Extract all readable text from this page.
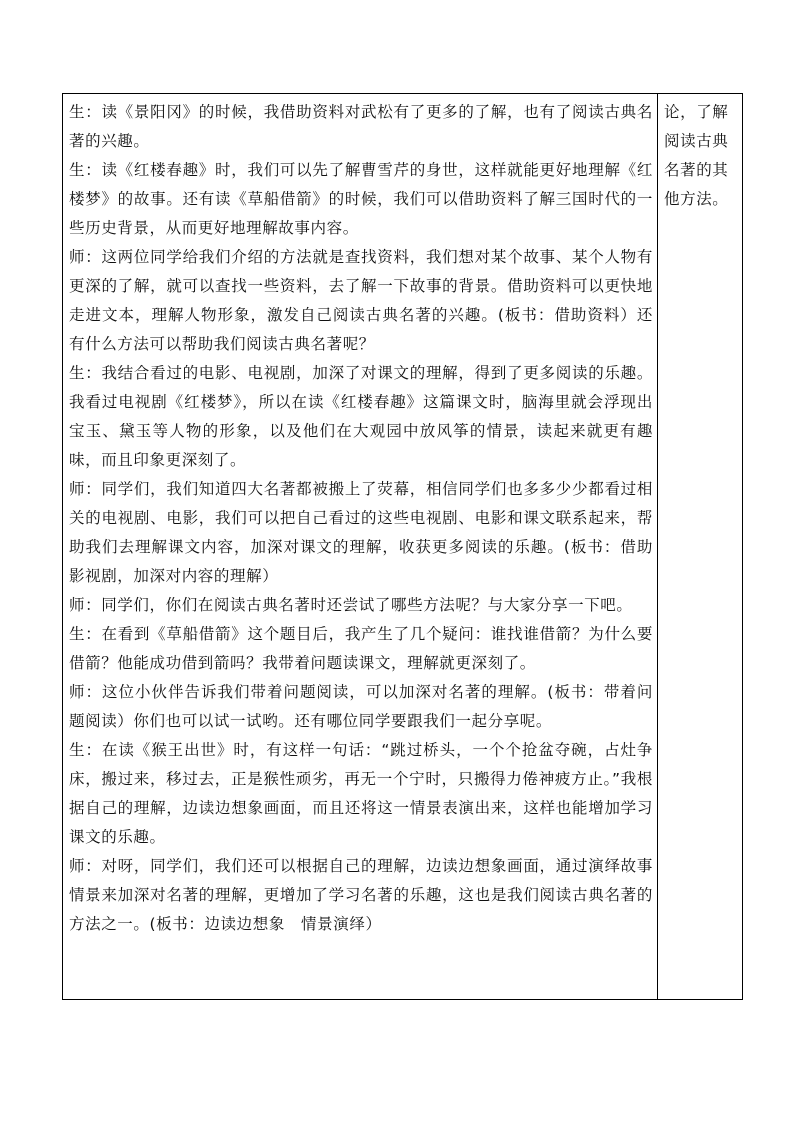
生：读《景阳冈》的时候，我借助资料对武松有了更多的了解，也有了阅读古典名著的兴趣。

生：读《红楼春趣》时，我们可以先了解曹雪芹的身世，这样就能更好地理解《红楼梦》的故事。还有读《草船借箭》的时候，我们可以借助资料了解三国时代的一些历史背景，从而更好地理解故事内容。

师：这两位同学给我们介绍的方法就是查找资料，我们想对某个故事、某个人物有更深的了解，就可以查找一些资料，去了解一下故事的背景。借助资料可以更快地走进文本，理解人物形象，激发自己阅读古典名著的兴趣。(板书：借助资料）还有什么方法可以帮助我们阅读古典名著呢？

生：我结合看过的电影、电视剧，加深了对课文的理解，得到了更多阅读的乐趣。我看过电视剧《红楼梦》，所以在读《红楼春趣》这篇课文时，脑海里就会浮现出宝玉、黛玉等人物的形象，以及他们在大观园中放风筝的情景，读起来就更有趣味，而且印象更深刻了。

师：同学们，我们知道四大名著都被搬上了荧幕，相信同学们也多多少少都看过相关的电视剧、电影，我们可以把自己看过的这些电视剧、电影和课文联系起来，帮助我们去理解课文内容，加深对课文的理解，收获更多阅读的乐趣。(板书：借助影视剧，加深对内容的理解）

师：同学们，你们在阅读古典名著时还尝试了哪些方法呢？与大家分享一下吧。

生：在看到《草船借箭》这个题目后，我产生了几个疑问：谁找谁借箭？为什么要借箭？他能成功借到箭吗？我带着问题读课文，理解就更深刻了。

师：这位小伙伴告诉我们带着问题阅读，可以加深对名著的理解。(板书：带着问题阅读）你们也可以试一试哟。还有哪位同学要跟我们一起分享呢。

生：在读《猴王出世》时，有这样一句话：“跳过桥头，一个个抢盆夺碗，占灶争床，搬过来，移过去，正是猴性顽劣，再无一个宁时，只搬得力倦神疲方止。”我根据自己的理解，边读边想象画面，而且还将这一情景表演出来，这样也能增加学习课文的乐趣。

师：对呀，同学们，我们还可以根据自己的理解，边读边想象画面，通过演绎故事情景来加深对名著的理解，更增加了学习名著的乐趣，这也是我们阅读古典名著的方法之一。(板书：边读边想象　情景演绎）

论，了解阅读古典名著的其他方法。
